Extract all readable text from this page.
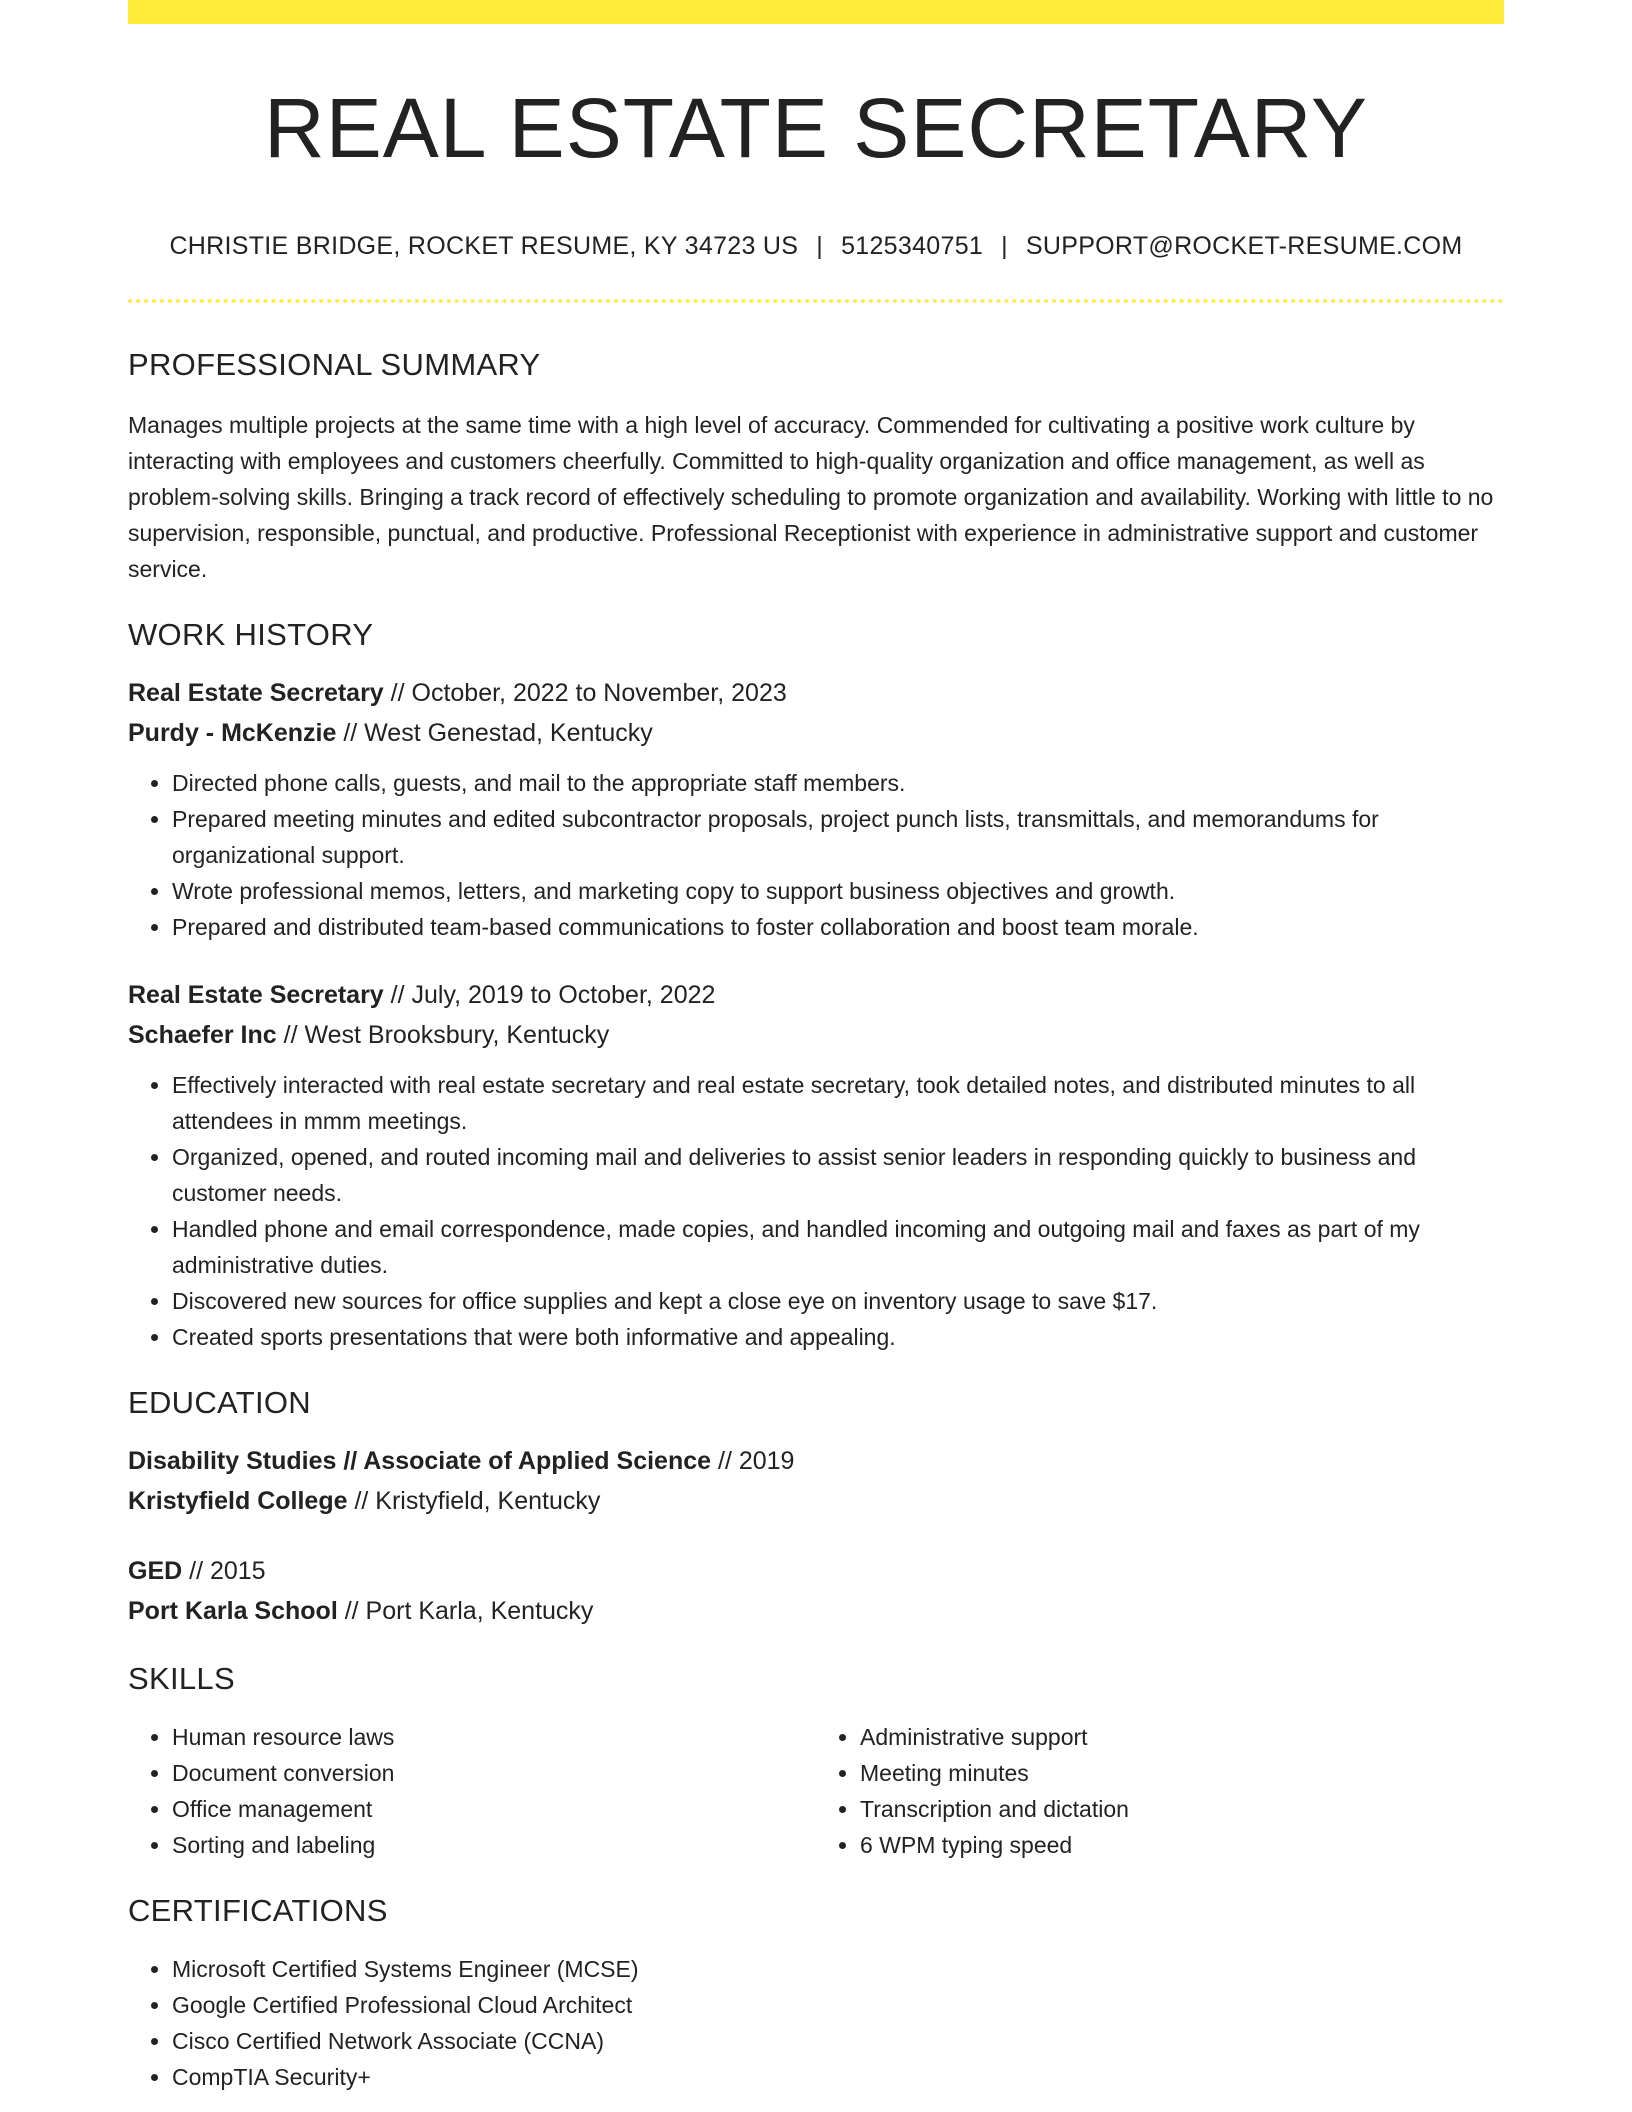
REAL ESTATE SECRETARY
CHRISTIE BRIDGE, ROCKET RESUME, KY 34723 US | 5125340751 | SUPPORT@ROCKET-RESUME.COM
PROFESSIONAL SUMMARY

Manages multiple projects at the same time with a high level of accuracy. Commended for cultivating a positive work culture by interacting with employees and customers cheerfully. Committed to high-quality organization and office management, as well as problem-solving skills. Bringing a track record of effectively scheduling to promote organization and availability. Working with little to no supervision, responsible, punctual, and productive. Professional Receptionist with experience in administrative support and customer service.

WORK HISTORY

Real Estate Secretary // October, 2022 to November, 2023

Purdy - McKenzie // West Genestad, Kentucky

• Directed phone calls, guests, and mail to the appropriate staff members.
• Prepared meeting minutes and edited subcontractor proposals, project punch lists, transmittals, and memorandums for organizational support.
• Wrote professional memos, letters, and marketing copy to support business objectives and growth.
• Prepared and distributed team-based communications to foster collaboration and boost team morale.

Real Estate Secretary // July, 2019 to October, 2022

Schaefer Inc // West Brooksbury, Kentucky

• Effectively interacted with real estate secretary and real estate secretary, took detailed notes, and distributed minutes to all attendees in mmm meetings.
• Organized, opened, and routed incoming mail and deliveries to assist senior leaders in responding quickly to business and customer needs.
• Handled phone and email correspondence, made copies, and handled incoming and outgoing mail and faxes as part of my administrative duties.
• Discovered new sources for office supplies and kept a close eye on inventory usage to save $17.
• Created sports presentations that were both informative and appealing.
EDUCATION

Disability Studies // Associate of Applied Science // 2019

Kristyfield College // Kristyfield, Kentucky

GED // 2015

Port Karla School // Port Karla, Kentucky

SKILLS
• Human resource laws
• Document conversion
• Office management
• Sorting and labeling
• Administrative support
• Meeting minutes
• Transcription and dictation
• 6 WPM typing speed
CERTIFICATIONS
• Microsoft Certified Systems Engineer (MCSE)
• Google Certified Professional Cloud Architect
• Cisco Certified Network Associate (CCNA)
• CompTIA Security+
